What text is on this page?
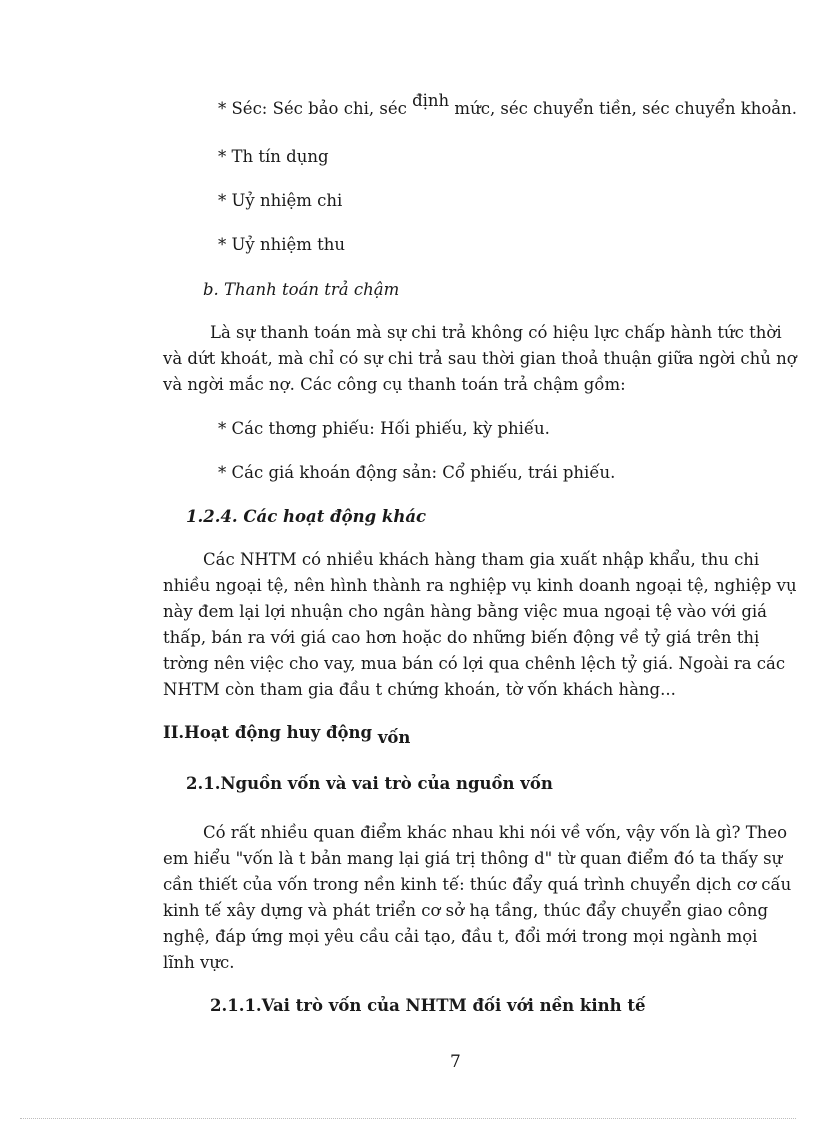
* Séc: Séc bảo chi, séc định mức, séc chuyển tiền, séc chuyển khoản.
* Th tín dụng
* Uỷ nhiệm chi
* Uỷ nhiệm thu
b. Thanh toán trả chậm
Là sự thanh toán mà sự chi trả không có hiệu lực chấp hành tức thời
và dứt khoát, mà chỉ có sự chi trả sau thời gian thoả thuận giữa ngời chủ nợ
và ngời mắc nợ. Các công cụ thanh toán trả chậm gồm:
* Các thơng phiếu: Hối phiếu, kỳ phiếu.
* Các giá khoán động sản: Cổ phiếu, trái phiếu.
1.2.4. Các hoạt động khác
Các NHTM có nhiều khách hàng tham gia xuất nhập khẩu, thu chi
nhiều ngoại tệ, nên hình thành ra nghiệp vụ kinh doanh ngoại tệ, nghiệp vụ
này đem lại lợi nhuận cho ngân hàng bằng việc mua ngoại tệ vào với giá
thấp, bán ra với giá cao hơn hoặc do những biến động về tỷ giá trên thị
trờng nên việc cho vay, mua bán có lợi qua chênh lệch tỷ giá. Ngoài ra các
NHTM còn tham gia đầu t chứng khoán, tờ vốn khách hàng...
II.Hoạt động huy động vốn
2.1.Nguồn vốn và vai trò của nguồn vốn
Có rất nhiều quan điểm khác nhau khi nói về vốn, vậy vốn là gì? Theo
em hiểu "vốn là t bản mang lại giá trị thông d" từ quan điểm đó ta thấy sự
cần thiết của vốn trong nền kinh tế: thúc đẩy quá trình chuyển dịch cơ cấu
kinh tế xây dựng và phát triển cơ sở hạ tầng, thúc đẩy chuyển giao công
nghệ, đáp ứng mọi yêu cầu cải tạo, đầu t, đổi mới trong mọi ngành mọi
lĩnh vực.
2.1.1.Vai trò vốn của NHTM đối với nền kinh tế
7
